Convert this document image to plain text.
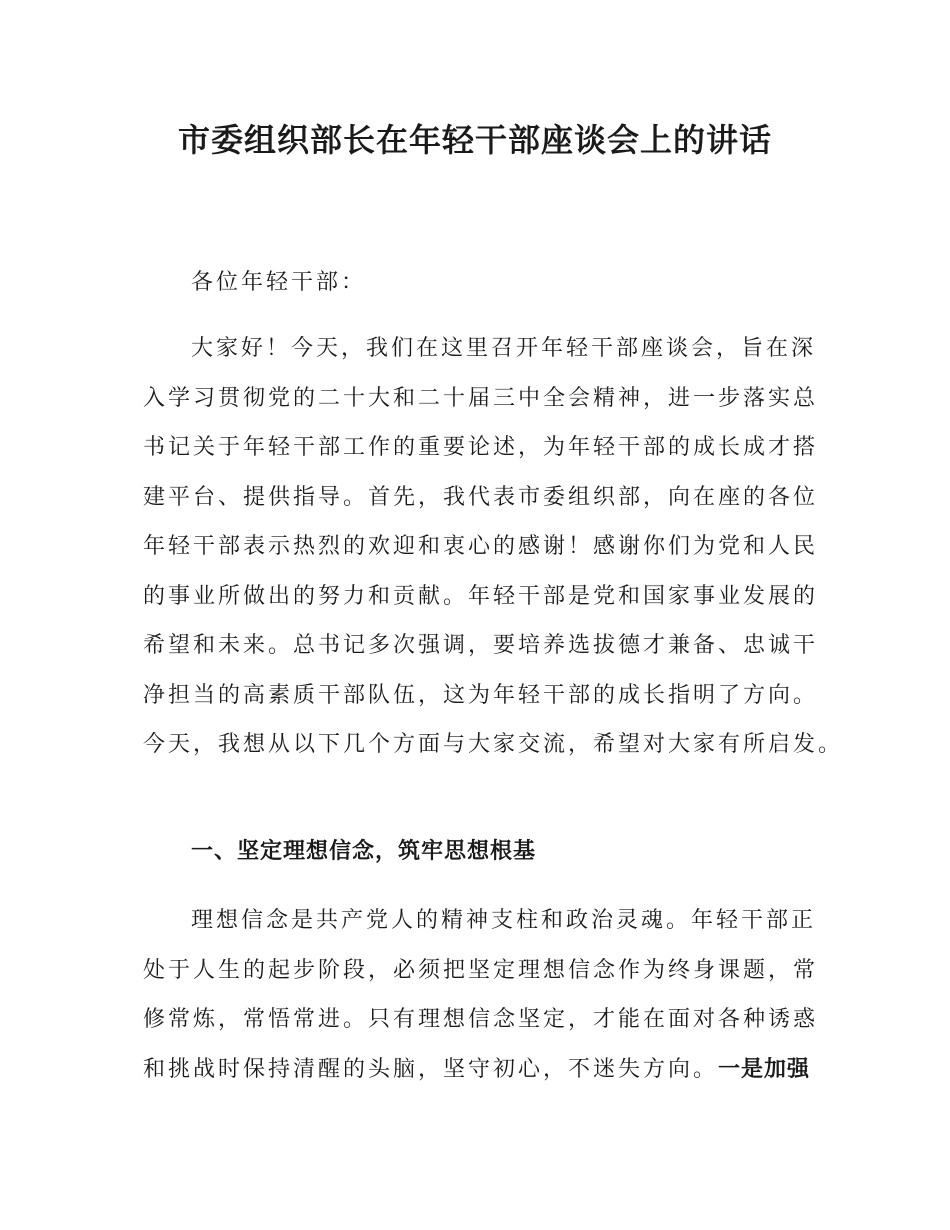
市委组织部长在年轻干部座谈会上的讲话

各位年轻干部：

大家好！今天，我们在这里召开年轻干部座谈会，旨在深
入学习贯彻党的二十大和二十届三中全会精神，进一步落实总
书记关于年轻干部工作的重要论述，为年轻干部的成长成才搭
建平台、提供指导。首先，我代表市委组织部，向在座的各位
年轻干部表示热烈的欢迎和衷心的感谢！感谢你们为党和人民
的事业所做出的努力和贡献。年轻干部是党和国家事业发展的
希望和未来。总书记多次强调，要培养选拔德才兼备、忠诚干
净担当的高素质干部队伍，这为年轻干部的成长指明了方向。
今天，我想从以下几个方面与大家交流，希望对大家有所启发。
一、坚定理想信念，筑牢思想根基
理想信念是共产党人的精神支柱和政治灵魂。年轻干部正
处于人生的起步阶段，必须把坚定理想信念作为终身课题，常
修常炼，常悟常进。只有理想信念坚定，才能在面对各种诱惑
和挑战时保持清醒的头脑，坚守初心，不迷失方向。一是加强
